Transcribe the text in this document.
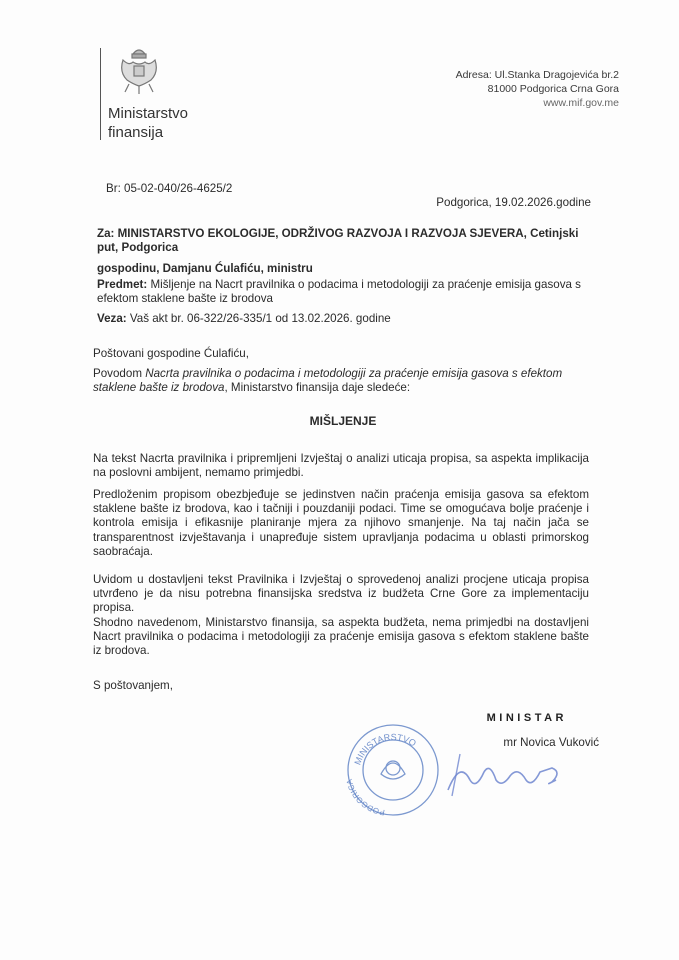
Ministarstvo
finansija
Adresa: Ul.Stanka Dragojevića br.2
81000 Podgorica Crna Gora
www.mif.gov.me
Br: 05-02-040/26-4625/2
Podgorica, 19.02.2026.godine
Za: MINISTARSTVO EKOLOGIJE, ODRŽIVOG RAZVOJA I RAZVOJA SJEVERA, Cetinjski put, Podgorica
gospodinu, Damjanu Ćulafiću, ministru
Predmet: Mišljenje na Nacrt pravilnika o podacima i metodologiji za praćenje emisija gasova s efektom staklene bašte iz brodova
Veza: Vaš akt br. 06-322/26-335/1 od 13.02.2026. godine
Poštovani gospodine Ćulafiću,
Povodom Nacrta pravilnika o podacima i metodologiji za praćenje emisija gasova s efektom staklene bašte iz brodova, Ministarstvo finansija daje sledeće:
MIŠLJENJE
Na tekst Nacrta pravilnika i pripremljeni Izvještaj o analizi uticaja propisa, sa aspekta implikacija na poslovni ambijent, nemamo primjedbi.
Predloženim propisom obezbjeđuje se jedinstven način praćenja emisija gasova sa efektom staklene bašte iz brodova, kao i tačniji i pouzdaniji podaci. Time se omogućava bolje praćenje i kontrola emisija i efikasnije planiranje mjera za njihovo smanjenje. Na taj način jača se transparentnost izvještavanja i unapređuje sistem upravljanja podacima u oblasti primorskog saobraćaja.
Uvidom u dostavljeni tekst Pravilnika i Izvještaj o sprovedenoj analizi procjene uticaja propisa utvrđeno je da nisu potrebna finansijska sredstva iz budžeta Crne Gore za implementaciju propisa.
Shodno navedenom, Ministarstvo finansija, sa aspekta budžeta, nema primjedbi na dostavljeni Nacrt pravilnika o podacima i metodologiji za praćenje emisija gasova s efektom staklene bašte iz brodova.
S poštovanjem,
MINISTAR
mr Novica Vuković
MINISTARSTVO
PODGORICA
